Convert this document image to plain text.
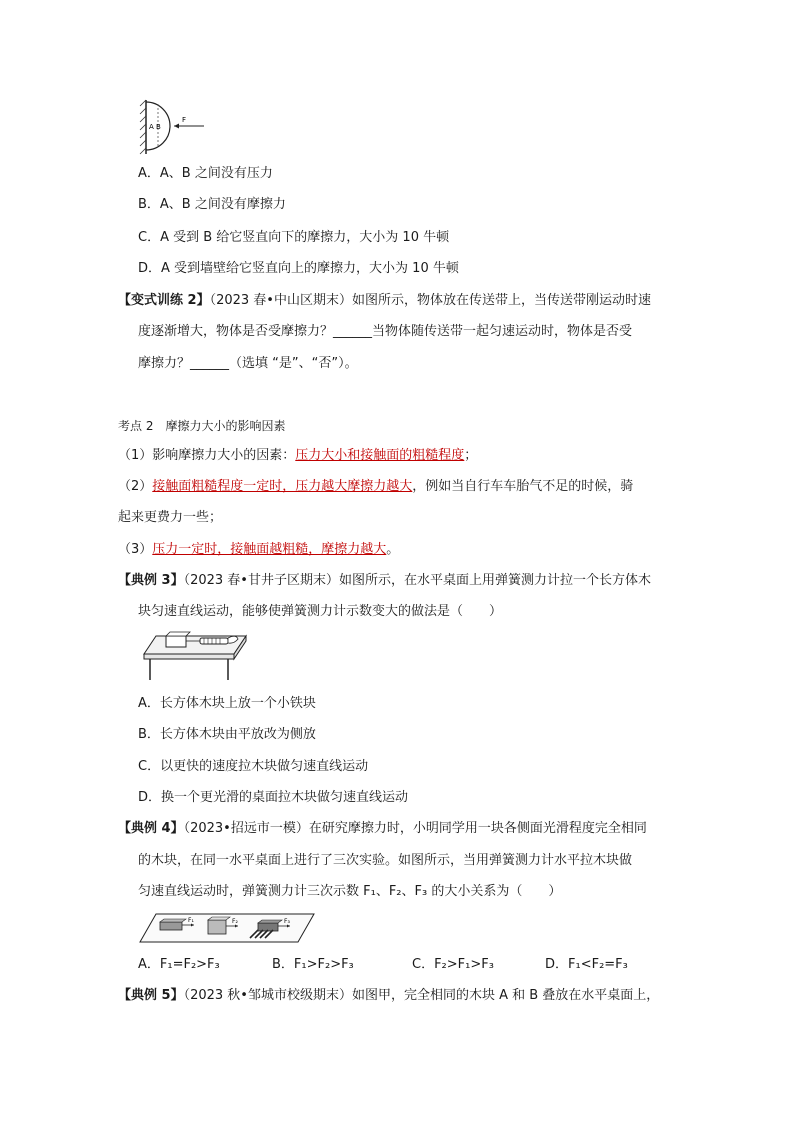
A B
F
A．A、B 之间没有压力
B．A、B 之间没有摩擦力
C．A 受到 B 给它竖直向下的摩擦力，大小为 10 牛顿
D．A 受到墙壁给它竖直向上的摩擦力，大小为 10 牛顿
【变式训练 2】（2023 春•中山区期末）如图所示，物体放在传送带上，当传送带刚运动时速
度逐渐增大，物体是否受摩擦力？______当物体随传送带一起匀速运动时，物体是否受
摩擦力？______（选填 “是”、“否”）。
考点 2　摩擦力大小的影响因素
（1）影响摩擦力大小的因素：压力大小和接触面的粗糙程度；
（2）接触面粗糙程度一定时，压力越大摩擦力越大，例如当自行车车胎气不足的时候，骑
起来更费力一些；
（3）压力一定时，接触面越粗糙，摩擦力越大。
【典例 3】（2023 春•甘井子区期末）如图所示，在水平桌面上用弹簧测力计拉一个长方体木
块匀速直线运动，能够使弹簧测力计示数变大的做法是（　　）
A．长方体木块上放一个小铁块
B．长方体木块由平放改为侧放
C．以更快的速度拉木块做匀速直线运动
D．换一个更光滑的桌面拉木块做匀速直线运动
【典例 4】（2023•招远市一模）在研究摩擦力时，小明同学用一块各侧面光滑程度完全相同
的木块，在同一水平桌面上进行了三次实验。如图所示，当用弹簧测力计水平拉木块做
匀速直线运动时，弹簧测力计三次示数 F₁、F₂、F₃ 的大小关系为（　　）
F₁	F₂	F₃
A．F₁=F₂>F₃	B．F₁>F₂>F₃	C．F₂>F₁>F₃	D．F₁<F₂=F₃
【典例 5】（2023 秋•邹城市校级期末）如图甲，完全相同的木块 A 和 B 叠放在水平桌面上，
